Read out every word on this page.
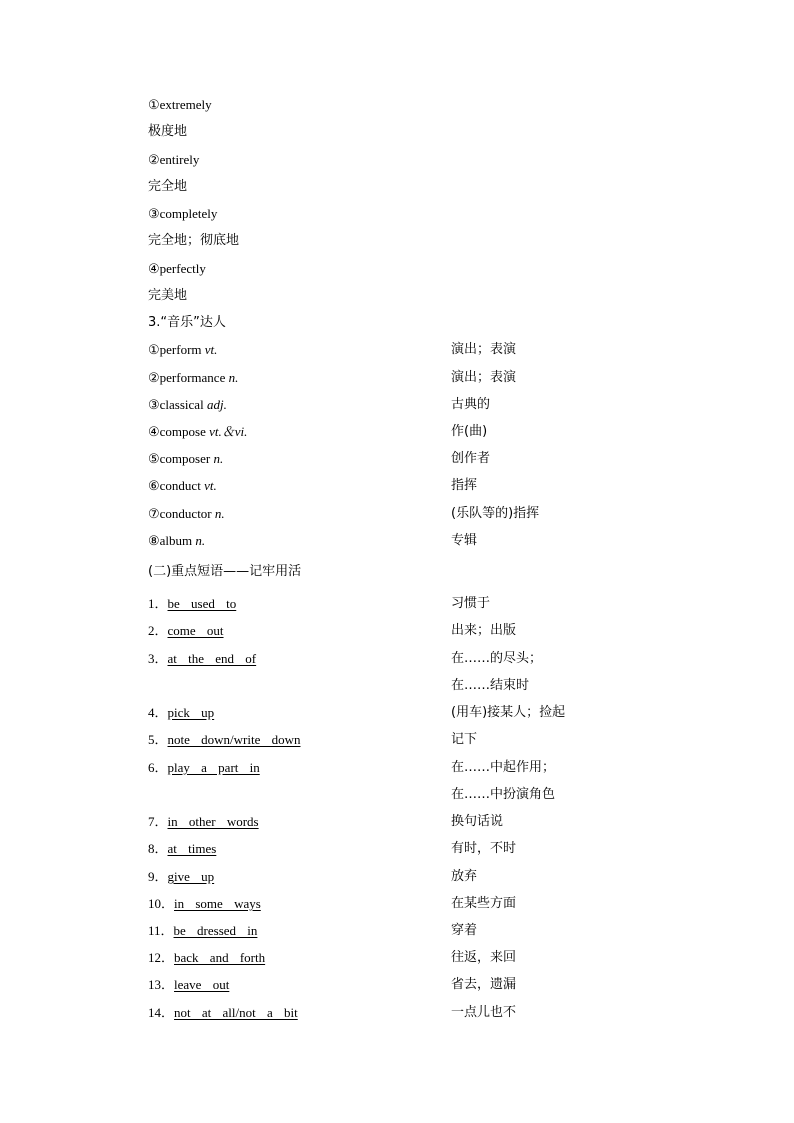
①extremely
极度地
②entirely
完全地
③completely
完全地；彻底地
④perfectly
完美地
3.“音乐”达人
①perform vt.	演出；表演
②performance n.	演出；表演
③classical adj.	古典的
④compose vt.＆vi.	作(曲)
⑤composer n.	创作者
⑥conduct vt.	指挥
⑦conductor n.	(乐队等的)指挥
⑧album n.	专辑
(二)重点短语——记牢用活
1．be used to	习惯于
2．come out	出来；出版
3．at the end of	在……的尽头；
在……结束时
4．pick up	(用车)接某人；捡起
5．note down/write down	记下
6．play a part in	在……中起作用；
在……中扮演角色
7．in other words	换句话说
8．at times	有时，不时
9．give up	放弃
10．in some ways	在某些方面
11．be dressed in	穿着
12．back and forth	往返，来回
13．leave out	省去，遗漏
14．not at all/not a bit	一点儿也不
